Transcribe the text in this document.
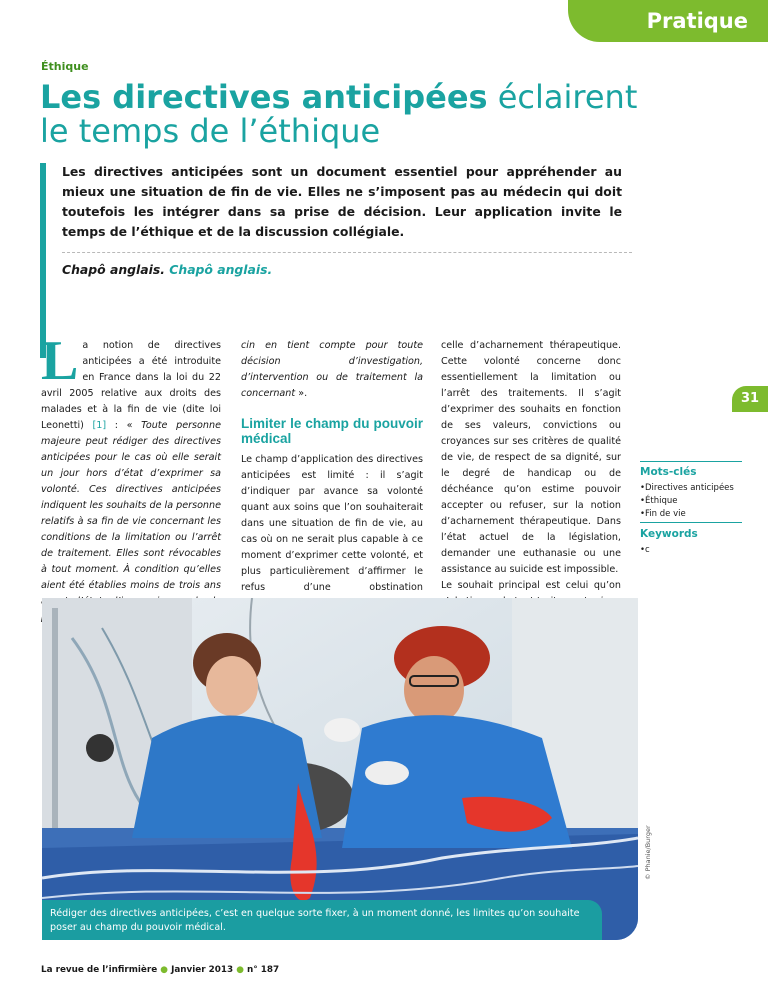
Pratique
Éthique
Les directives anticipées éclairent
le temps de l’éthique

Les directives anticipées sont un document essentiel pour appréhender au mieux une situation de fin de vie. Elles ne s’imposent pas au médecin qui doit toutefois les intégrer dans sa prise de décision. Leur application invite le temps de l’éthique et de la discussion collégiale.

Chapô anglais. Chapô anglais.

La notion de directives anticipées a été introduite en France dans la loi du 22 avril 2005 relative aux droits des malades et à la fin de vie (dite loi Leonetti) [1] : « Toute personne majeure peut rédiger des directives anticipées pour le cas où elle serait un jour hors d’état d’exprimer sa volonté. Ces directives anticipées indiquent les souhaits de la personne relatifs à sa fin de vie concernant les conditions de la limitation ou l’arrêt de traitement. Elles sont révocables à tout moment. À condition qu’elles aient été établies moins de trois ans
cin en tient compte pour toute décision d’investigation, d’intervention ou de traitement la concernant ».
Limiter le champ du pouvoir médical
Le champ d’application des directives anticipées est limité : il s’agit d’indiquer par avance sa volonté quant aux soins que l’on souhaiterait dans une situation de fin de vie, au cas où on ne serait plus capable à ce moment d’exprimer cette volonté, et plus particulièrement d’affirmer le refus d’une obstination
celle d’acharnement thérapeutique. Cette volonté concerne donc essentiellement la limitation ou l’arrêt des traitements. Il s’agit d’exprimer des souhaits en fonction de ses valeurs, convictions ou croyances sur ses critères de qualité de vie, de respect de sa dignité, sur le degré de handicap ou de déchéance qu’on estime pouvoir accepter ou refuser, sur la notion d’acharnement thérapeutique. Dans l’état actuel de la législation, demander une euthanasie ou une assistance au suicide est impossible.
Le souhait principal est celui qu’on
31
Mots-clés
• Directives anticipées
• Éthique
• Fin de vie
Keywords
• c
Rédiger des directives anticipées, c’est en quelque sorte fixer, à un moment donné, les limites qu’on souhaite poser au champ du pouvoir médical.
© Phanie/Burger
La revue de l’infirmière ● Janvier 2013 ● n° 187
